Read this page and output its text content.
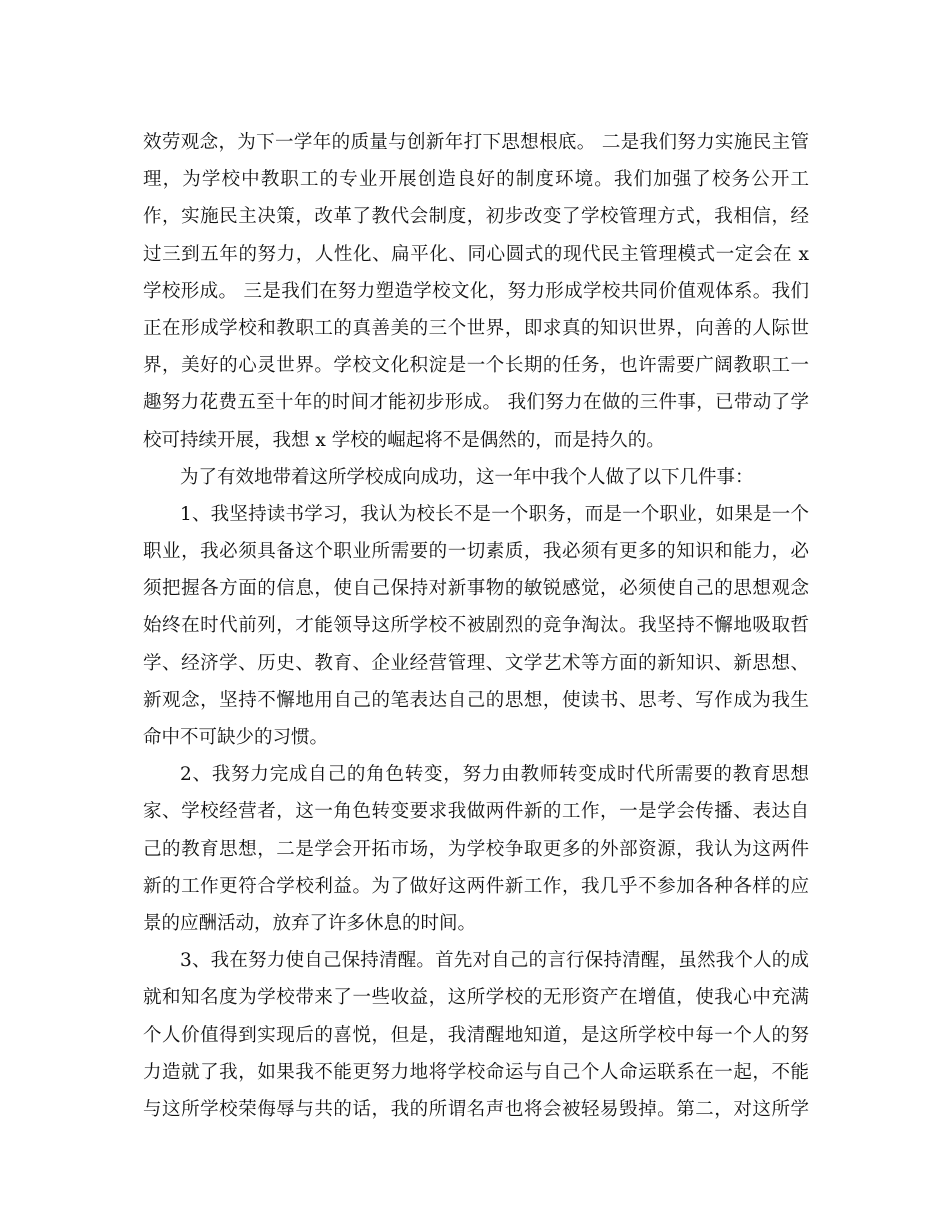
效劳观念，为下一学年的质量与创新年打下思想根底。 二是我们努力实施民主管
理，为学校中教职工的专业开展创造良好的制度环境。我们加强了校务公开工
作，实施民主决策，改革了教代会制度，初步改变了学校管理方式，我相信，经
过三到五年的努力，人性化、扁平化、同心圆式的现代民主管理模式一定会在 x
学校形成。 三是我们在努力塑造学校文化，努力形成学校共同价值观体系。我们
正在形成学校和教职工的真善美的三个世界，即求真的知识世界，向善的人际世
界，美好的心灵世界。学校文化积淀是一个长期的任务，也许需要广阔教职工一
趣努力花费五至十年的时间才能初步形成。 我们努力在做的三件事，已带动了学
校可持续开展，我想 x 学校的崛起将不是偶然的，而是持久的。
为了有效地带着这所学校成向成功，这一年中我个人做了以下几件事：
1、我坚持读书学习，我认为校长不是一个职务，而是一个职业，如果是一个
职业，我必须具备这个职业所需要的一切素质，我必须有更多的知识和能力，必
须把握各方面的信息，使自己保持对新事物的敏锐感觉，必须使自己的思想观念
始终在时代前列，才能领导这所学校不被剧烈的竞争淘汰。我坚持不懈地吸取哲
学、经济学、历史、教育、企业经营管理、文学艺术等方面的新知识、新思想、
新观念，坚持不懈地用自己的笔表达自己的思想，使读书、思考、写作成为我生
命中不可缺少的习惯。
2、我努力完成自己的角色转变，努力由教师转变成时代所需要的教育思想
家、学校经营者，这一角色转变要求我做两件新的工作，一是学会传播、表达自
己的教育思想，二是学会开拓市场，为学校争取更多的外部资源，我认为这两件
新的工作更符合学校利益。为了做好这两件新工作，我几乎不参加各种各样的应
景的应酬活动，放弃了许多休息的时间。
3、我在努力使自己保持清醒。首先对自己的言行保持清醒，虽然我个人的成
就和知名度为学校带来了一些收益，这所学校的无形资产在增值，使我心中充满
个人价值得到实现后的喜悦，但是，我清醒地知道，是这所学校中每一个人的努
力造就了我，如果我不能更努力地将学校命运与自己个人命运联系在一起，不能
与这所学校荣侮辱与共的话，我的所谓名声也将会被轻易毁掉。第二，对这所学
